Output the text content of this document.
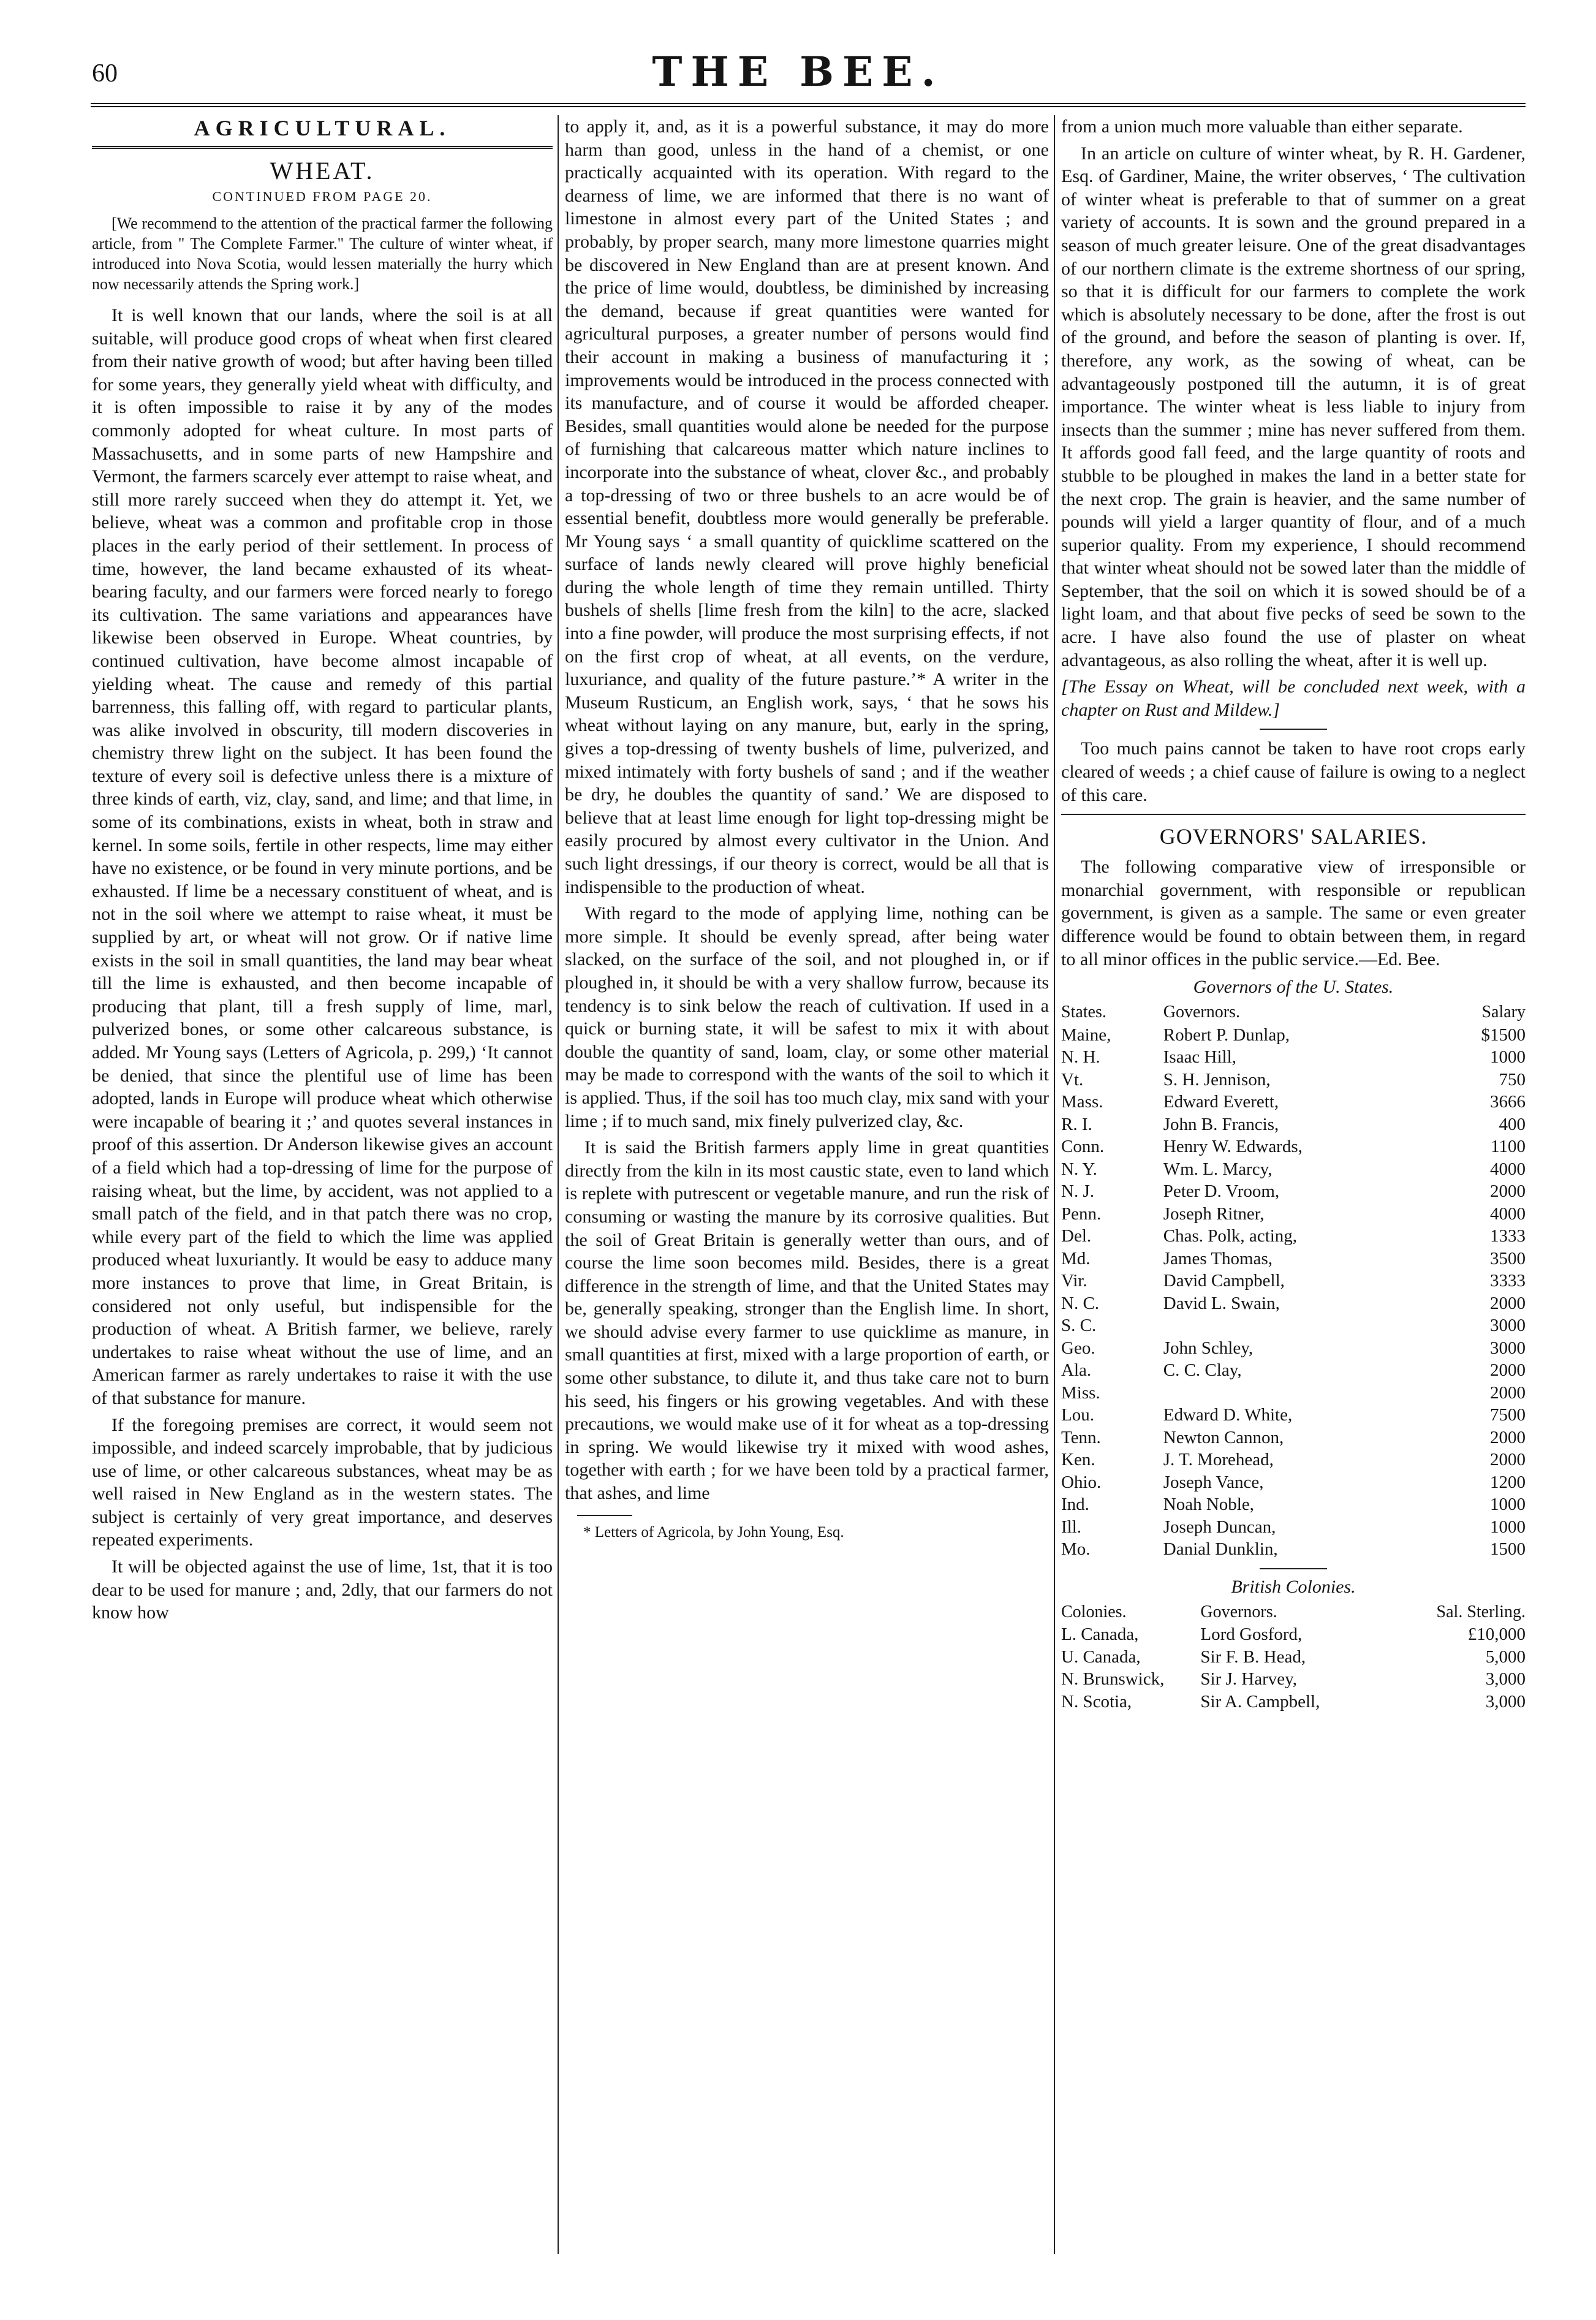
60	THE BEE.
AGRICULTURAL.
WHEAT.
CONTINUED FROM PAGE 20.

[We recommend to the attention of the practical farmer the following article, from " The Complete Farmer." The culture of winter wheat, if introduced into Nova Scotia, would lessen materially the hurry which now necessarily attends the Spring work.]

It is well known that our lands, where the soil is at all suitable, will produce good crops of wheat when first cleared from their native growth of wood; but after having been tilled for some years, they generally yield wheat with difficulty, and it is often impossible to raise it by any of the modes commonly adopted for wheat culture. In most parts of Massachusetts, and in some parts of new Hampshire and Vermont, the farmers scarcely ever attempt to raise wheat, and still more rarely succeed when they do attempt it. Yet, we believe, wheat was a common and profitable crop in those places in the early period of their settlement. In process of time, however, the land became exhausted of its wheat-bearing faculty, and our farmers were forced nearly to forego its cultivation. The same variations and appearances have likewise been observed in Europe. Wheat countries, by continued cultivation, have become almost incapable of yielding wheat. The cause and remedy of this partial barrenness, this falling off, with regard to particular plants, was alike involved in obscurity, till modern discoveries in chemistry threw light on the subject. It has been found the texture of every soil is defective unless there is a mixture of three kinds of earth, viz, clay, sand, and lime; and that lime, in some of its combinations, exists in wheat, both in straw and kernel. In some soils, fertile in other respects, lime may either have no existence, or be found in very minute portions, and be exhausted. If lime be a necessary constituent of wheat, and is not in the soil where we attempt to raise wheat, it must be supplied by art, or wheat will not grow. Or if native lime exists in the soil in small quantities, the land may bear wheat till the lime is exhausted, and then become incapable of producing that plant, till a fresh supply of lime, marl, pulverized bones, or some other calcareous substance, is added. Mr Young says (Letters of Agricola, p. 299,) ‘It cannot be denied, that since the plentiful use of lime has been adopted, lands in Europe will produce wheat which otherwise were incapable of bearing it ;’ and quotes several instances in proof of this assertion. Dr Anderson likewise gives an account of a field which had a top-dressing of lime for the purpose of raising wheat, but the lime, by accident, was not applied to a small patch of the field, and in that patch there was no crop, while every part of the field to which the lime was applied produced wheat luxuriantly. It would be easy to adduce many more instances to prove that lime, in Great Britain, is considered not only useful, but indispensible for the production of wheat. A British farmer, we believe, rarely undertakes to raise wheat without the use of lime, and an American farmer as rarely undertakes to raise it with the use of that substance for manure.

If the foregoing premises are correct, it would seem not impossible, and indeed scarcely improbable, that by judicious use of lime, or other calcareous substances, wheat may be as well raised in New England as in the western states. The subject is certainly of very great importance, and deserves repeated experiments.

It will be objected against the use of lime, 1st, that it is too dear to be used for manure ; and, 2dly, that our farmers do not know how

to apply it, and, as it is a powerful substance, it may do more harm than good, unless in the hand of a chemist, or one practically acquainted with its operation. With regard to the dearness of lime, we are informed that there is no want of limestone in almost every part of the United States ; and probably, by proper search, many more limestone quarries might be discovered in New England than are at present known. And the price of lime would, doubtless, be diminished by increasing the demand, because if great quantities were wanted for agricultural purposes, a greater number of persons would find their account in making a business of manufacturing it ; improvements would be introduced in the process connected with its manufacture, and of course it would be afforded cheaper. Besides, small quantities would alone be needed for the purpose of furnishing that calcareous matter which nature inclines to incorporate into the substance of wheat, clover &c., and probably a top-dressing of two or three bushels to an acre would be of essential benefit, doubtless more would generally be preferable. Mr Young says ‘ a small quantity of quicklime scattered on the surface of lands newly cleared will prove highly beneficial during the whole length of time they remain untilled. Thirty bushels of shells [lime fresh from the kiln] to the acre, slacked into a fine powder, will produce the most surprising effects, if not on the first crop of wheat, at all events, on the verdure, luxuriance, and quality of the future pasture.’* A writer in the Museum Rusticum, an English work, says, ‘ that he sows his wheat without laying on any manure, but, early in the spring, gives a top-dressing of twenty bushels of lime, pulverized, and mixed intimately with forty bushels of sand ; and if the weather be dry, he doubles the quantity of sand.’ We are disposed to believe that at least lime enough for light top-dressing might be easily procured by almost every cultivator in the Union. And such light dressings, if our theory is correct, would be all that is indispensible to the production of wheat.

With regard to the mode of applying lime, nothing can be more simple. It should be evenly spread, after being water slacked, on the surface of the soil, and not ploughed in, or if ploughed in, it should be with a very shallow furrow, because its tendency is to sink below the reach of cultivation. If used in a quick or burning state, it will be safest to mix it with about double the quantity of sand, loam, clay, or some other material may be made to correspond with the wants of the soil to which it is applied. Thus, if the soil has too much clay, mix sand with your lime ; if to much sand, mix finely pulverized clay, &c.

It is said the British farmers apply lime in great quantities directly from the kiln in its most caustic state, even to land which is replete with putrescent or vegetable manure, and run the risk of consuming or wasting the manure by its corrosive qualities. But the soil of Great Britain is generally wetter than ours, and of course the lime soon becomes mild. Besides, there is a great difference in the strength of lime, and that the United States may be, generally speaking, stronger than the English lime. In short, we should advise every farmer to use quicklime as manure, in small quantities at first, mixed with a large proportion of earth, or some other substance, to dilute it, and thus take care not to burn his seed, his fingers or his growing vegetables. And with these precautions, we would make use of it for wheat as a top-dressing in spring. We would likewise try it mixed with wood ashes, together with earth ; for we have been told by a practical farmer, that ashes, and lime

* Letters of Agricola, by John Young, Esq.

from a union much more valuable than either separate.

In an article on culture of winter wheat, by R. H. Gardener, Esq. of Gardiner, Maine, the writer observes, ‘ The cultivation of winter wheat is preferable to that of summer on a great variety of accounts. It is sown and the ground prepared in a season of much greater leisure. One of the great disadvantages of our northern climate is the extreme shortness of our spring, so that it is difficult for our farmers to complete the work which is absolutely necessary to be done, after the frost is out of the ground, and before the season of planting is over. If, therefore, any work, as the sowing of wheat, can be advantageously postponed till the autumn, it is of great importance. The winter wheat is less liable to injury from insects than the summer ; mine has never suffered from them. It affords good fall feed, and the large quantity of roots and stubble to be ploughed in makes the land in a better state for the next crop. The grain is heavier, and the same number of pounds will yield a larger quantity of flour, and of a much superior quality. From my experience, I should recommend that winter wheat should not be sowed later than the middle of September, that the soil on which it is sowed should be of a light loam, and that about five pecks of seed be sown to the acre. I have also found the use of plaster on wheat advantageous, as also rolling the wheat, after it is well up.

[The Essay on Wheat, will be concluded next week, with a chapter on Rust and Mildew.]

Too much pains cannot be taken to have root crops early cleared of weeds ; a chief cause of failure is owing to a neglect of this care.

GOVERNORS' SALARIES.

The following comparative view of irresponsible or monarchial government, with responsible or republican government, is given as a sample. The same or even greater difference would be found to obtain between them, in regard to all minor offices in the public service.—Ed. Bee.

Governors of the U. States.
States.	Governors.	Salary
Maine,	Robert P. Dunlap,	$1500
N. H.	Isaac Hill,	1000
Vt.	S. H. Jennison,	750
Mass.	Edward Everett,	3666
R. I.	John B. Francis,	400
Conn.	Henry W. Edwards,	1100
N. Y.	Wm. L. Marcy,	4000
N. J.	Peter D. Vroom,	2000
Penn.	Joseph Ritner,	4000
Del.	Chas. Polk, acting,	1333
Md.	James Thomas,	3500
Vir.	David Campbell,	3333
N. C.	David L. Swain,	2000
S. C.		3000
Geo.	John Schley,	3000
Ala.	C. C. Clay,	2000
Miss.		2000
Lou.	Edward D. White,	7500
Tenn.	Newton Cannon,	2000
Ken.	J. T. Morehead,	2000
Ohio.	Joseph Vance,	1200
Ind.	Noah Noble,	1000
Ill.	Joseph Duncan,	1000
Mo.	Danial Dunklin,	1500
British Colonies.
Colonies.	Governors.	Sal. Sterling.
L. Canada,	Lord Gosford,	£10,000
U. Canada,	Sir F. B. Head,	5,000
N. Brunswick,	Sir J. Harvey,	3,000
N. Scotia,	Sir A. Campbell,	3,000
